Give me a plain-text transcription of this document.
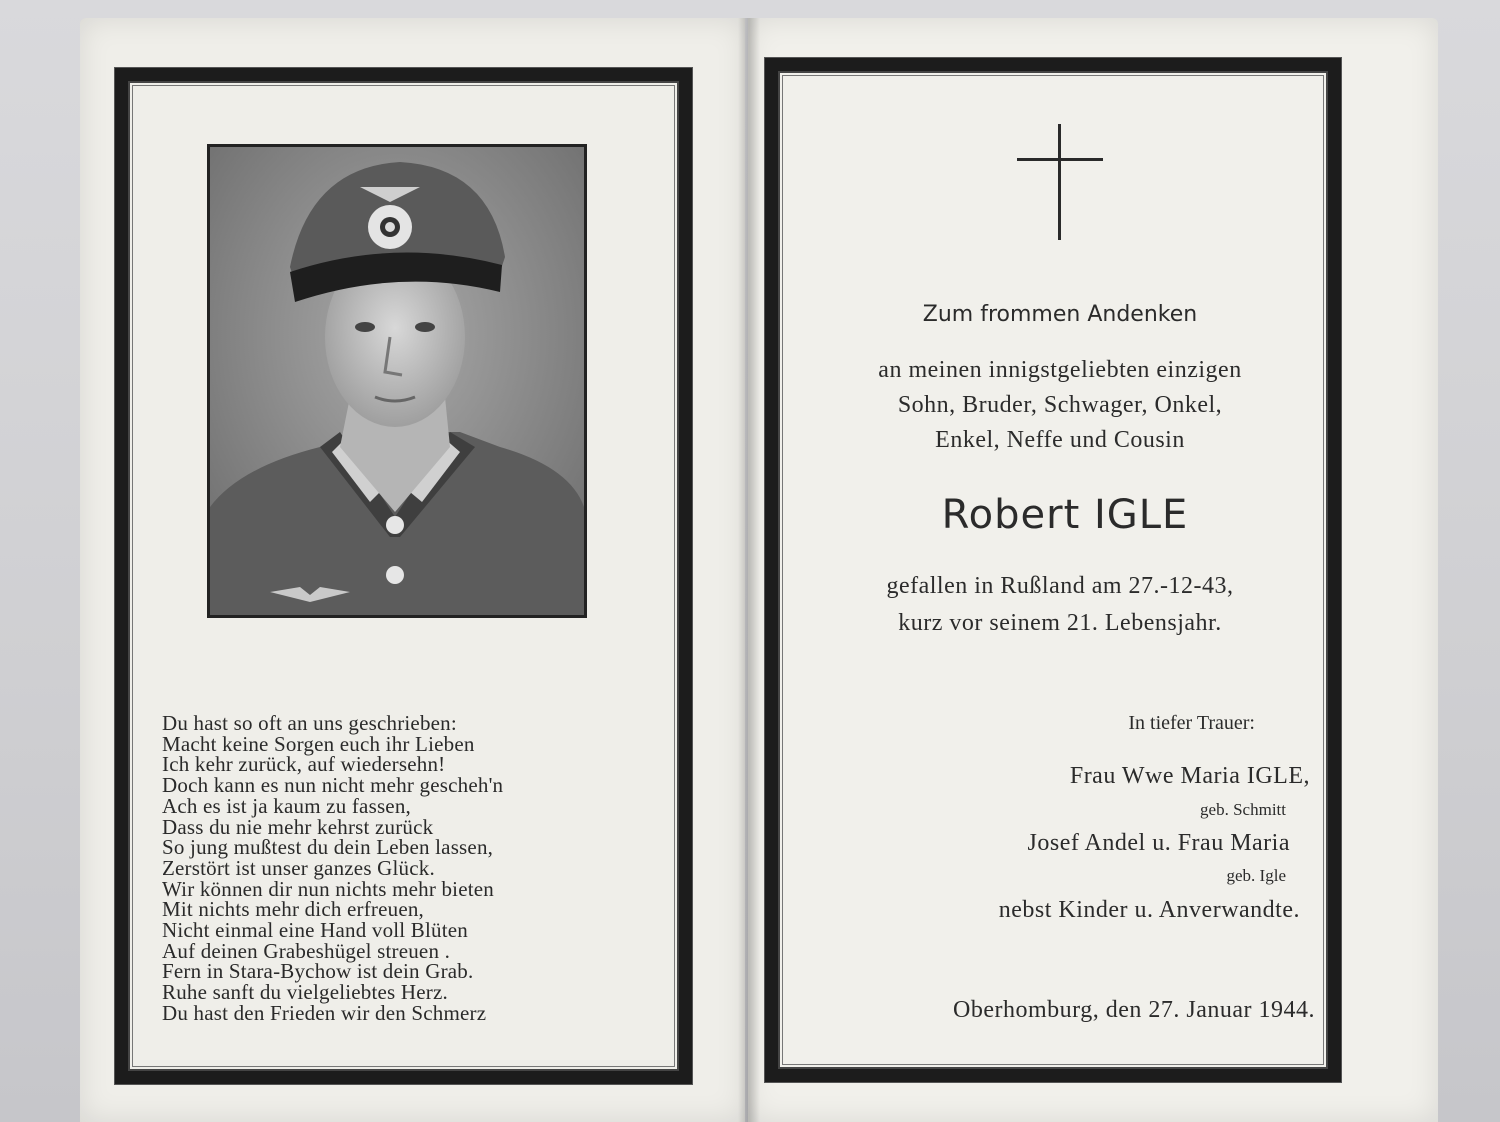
Du hast so oft an uns geschrieben:
Macht keine Sorgen euch ihr Lieben
Ich kehr zurück, auf wiedersehn!
Doch kann es nun nicht mehr gescheh'n
Ach es ist ja kaum zu fassen,
Dass du nie mehr kehrst zurück
So jung mußtest du dein Leben lassen,
Zerstört ist unser ganzes Glück.
Wir können dir nun nichts mehr bieten
Mit nichts mehr dich erfreuen,
Nicht einmal eine Hand voll Blüten
Auf deinen Grabeshügel streuen .
Fern in Stara-Bychow ist dein Grab.
Ruhe sanft du vielgeliebtes Herz.
Du hast den Frieden wir den Schmerz
Zum frommen Andenken
an meinen innigstgeliebten einzigen
Sohn, Bruder, Schwager, Onkel,
Enkel, Neffe und Cousin
Robert IGLE
gefallen in Rußland am 27.-12-43,
kurz vor seinem 21. Lebensjahr.
In tiefer Trauer:
Frau Wwe Maria IGLE,
geb. Schmitt
Josef Andel u. Frau Maria
geb. Igle
nebst Kinder u. Anverwandte.
Oberhomburg, den 27. Januar 1944.
